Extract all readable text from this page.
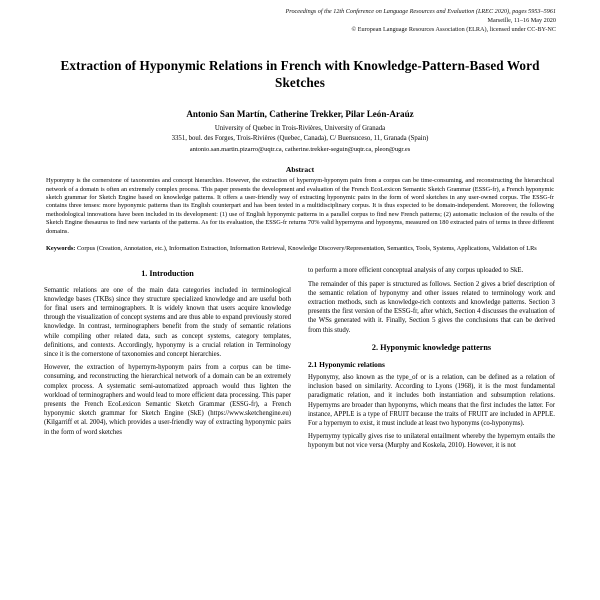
Proceedings of the 12th Conference on Language Resources and Evaluation (LREC 2020), pages 5953–5961
Marseille, 11–16 May 2020
© European Language Resources Association (ELRA), licensed under CC-BY-NC
Extraction of Hyponymic Relations in French with Knowledge-Pattern-Based Word Sketches
Antonio San Martín, Catherine Trekker, Pilar León-Araúz
University of Quebec in Trois-Rivières, University of Granada
3351, boul. des Forges, Trois-Rivières (Quebec, Canada), C/ Buensuceso, 11, Granada (Spain)
antonio.san.martin.pizarro@uqtr.ca, catherine.trekker-seguin@uqtr.ca, pleon@ugr.es
Abstract
Hyponymy is the cornerstone of taxonomies and concept hierarchies. However, the extraction of hypernym-hyponym pairs from a corpus can be time-consuming, and reconstructing the hierarchical network of a domain is often an extremely complex process. This paper presents the development and evaluation of the French EcoLexicon Semantic Sketch Grammar (ESSG-fr), a French hyponymic sketch grammar for Sketch Engine based on knowledge patterns. It offers a user-friendly way of extracting hyponymic pairs in the form of word sketches in any user-owned corpus. The ESSG-fr contains three tenses: more hyponymic patterns than its English counterpart and has been tested in a multidisciplinary corpus. It is thus expected to be domain-independent. Moreover, the following methodological innovations have been included in its development: (1) use of English hyponymic patterns in a parallel corpus to find new French patterns; (2) automatic inclusion of the results of the Sketch Engine thesaurus to find new variants of the patterns. As for its evaluation, the ESSG-fr returns 70% valid hypernyms and hyponyms, measured on 180 extracted pairs of terms in three different domains.
Keywords: Corpus (Creation, Annotation, etc.), Information Extraction, Information Retrieval, Knowledge Discovery/Representation, Semantics, Tools, Systems, Applications, Validation of LRs
1. Introduction

Semantic relations are one of the main data categories included in terminological knowledge bases (TKBs) since they structure specialized knowledge and are useful both for final users and terminographers. It is widely known that users acquire knowledge through the visualization of concept systems and are thus able to expand previously stored knowledge. In contrast, terminographers benefit from the study of semantic relations while compiling other related data, such as concept systems, category templates, definitions, and contexts. Accordingly, hyponymy is a crucial relation in Terminology since it is the cornerstone of taxonomies and concept hierarchies.

However, the extraction of hypernym-hyponym pairs from a corpus can be time-consuming, and reconstructing the hierarchical network of a domain can be an extremely complex process. A systematic semi-automatized approach would thus lighten the workload of terminographers and would lead to more efficient data processing. This paper presents the French EcoLexicon Semantic Sketch Grammar (ESSG-fr), a French hyponymic sketch grammar for Sketch Engine (SkE) (https://www.sketchengine.eu) (Kilgarriff et al. 2004), which provides a user-friendly way of extracting hyponymic pairs in the form of word sketches

to perform a more efficient conceptual analysis of any corpus uploaded to SkE.

The remainder of this paper is structured as follows. Section 2 gives a brief description of the semantic relation of hyponymy and other issues related to terminology work and extraction methods, such as knowledge-rich contexts and knowledge patterns. Section 3 presents the first version of the ESSG-fr, after which, Section 4 discusses the evaluation of the WSs generated with it. Finally, Section 5 gives the conclusions that can be derived from this study.

2. Hyponymic knowledge patterns
2.1 Hyponymic relations

Hyponymy, also known as the type_of or is a relation, can be defined as a relation of inclusion based on similarity. According to Lyons (1968), it is the most fundamental paradigmatic relation, and it includes both instantiation and subsumption relations. Hypernyms are broader than hyponyms, which means that the first includes the latter. For instance, APPLE is a type of FRUIT because the traits of FRUIT are included in APPLE. For a hypernym to exist, it must include at least two hyponyms (co-hyponyms).

Hypernymy typically gives rise to unilateral entailment whereby the hypernym entails the hyponym but not vice versa (Murphy and Koskela, 2010). However, it is not
